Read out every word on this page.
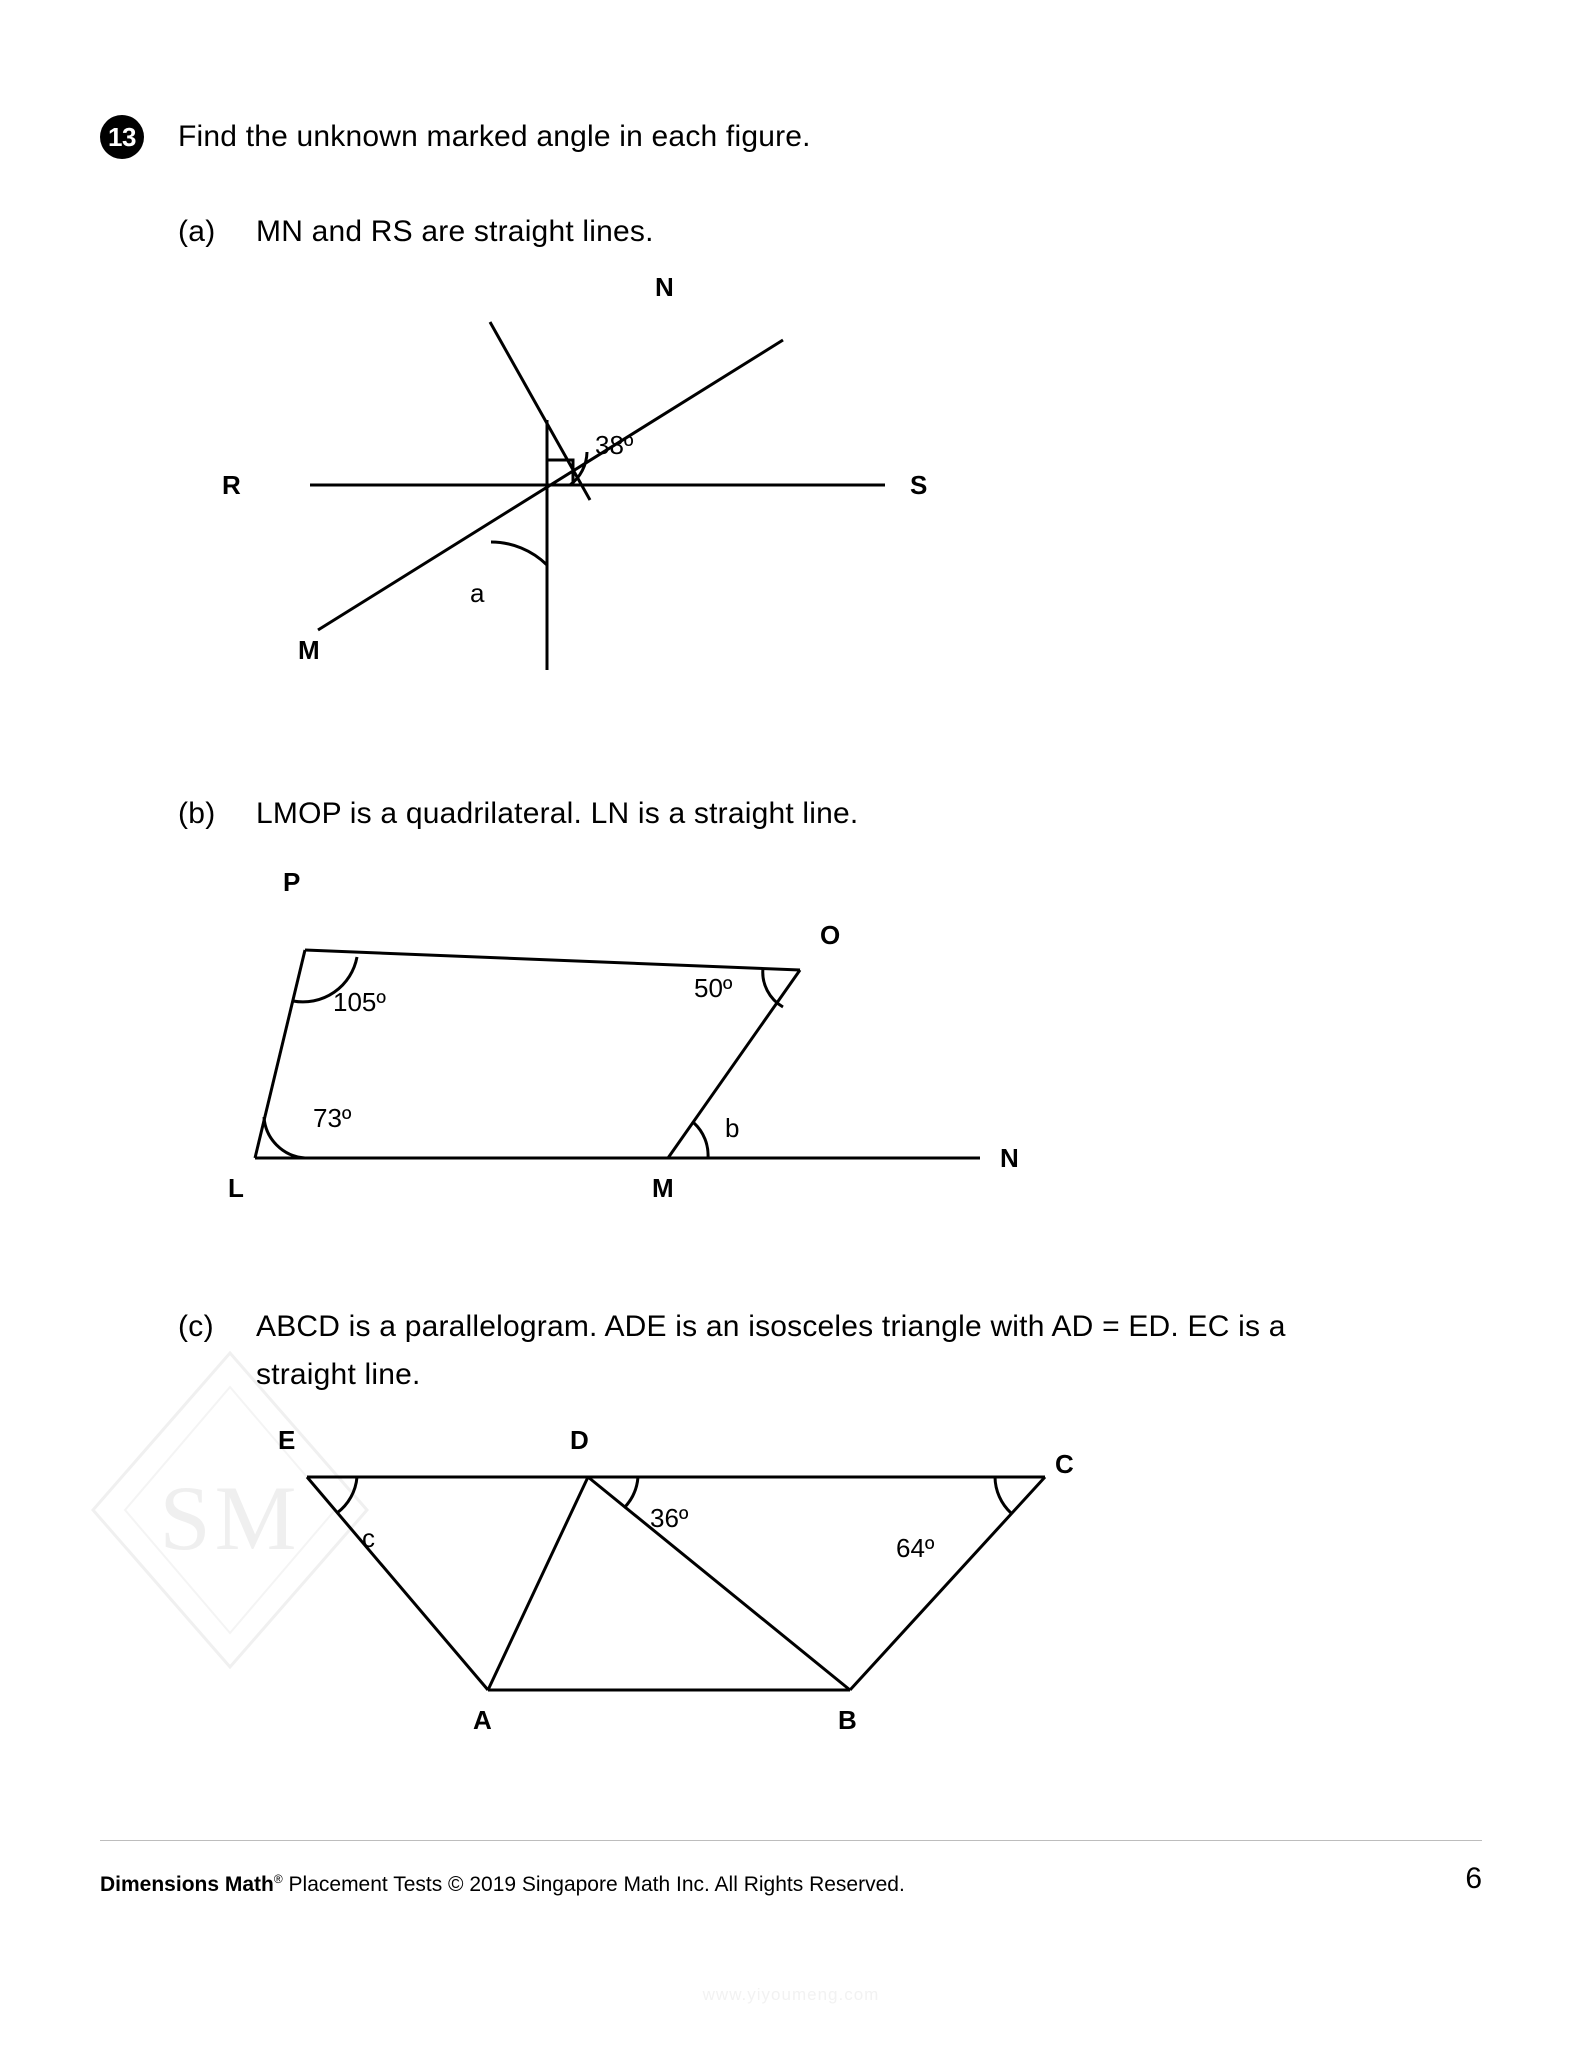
SM
13 Find the unknown marked angle in each figure.
(a) MN and RS are straight lines.
N
R	S
M
38º
a
(b) LMOP is a quadrilateral. LN is a straight line.
P
O
L	M
N
105º	50º
73º	b
(c) ABCD is a parallelogram. ADE is an isosceles triangle with AD = ED. EC is a
straight line.
E	D
C
A	B
36º
64º
c
Dimensions Math® Placement Tests © 2019 Singapore Math Inc. All Rights Reserved.	6
www.yiyoumeng.com
